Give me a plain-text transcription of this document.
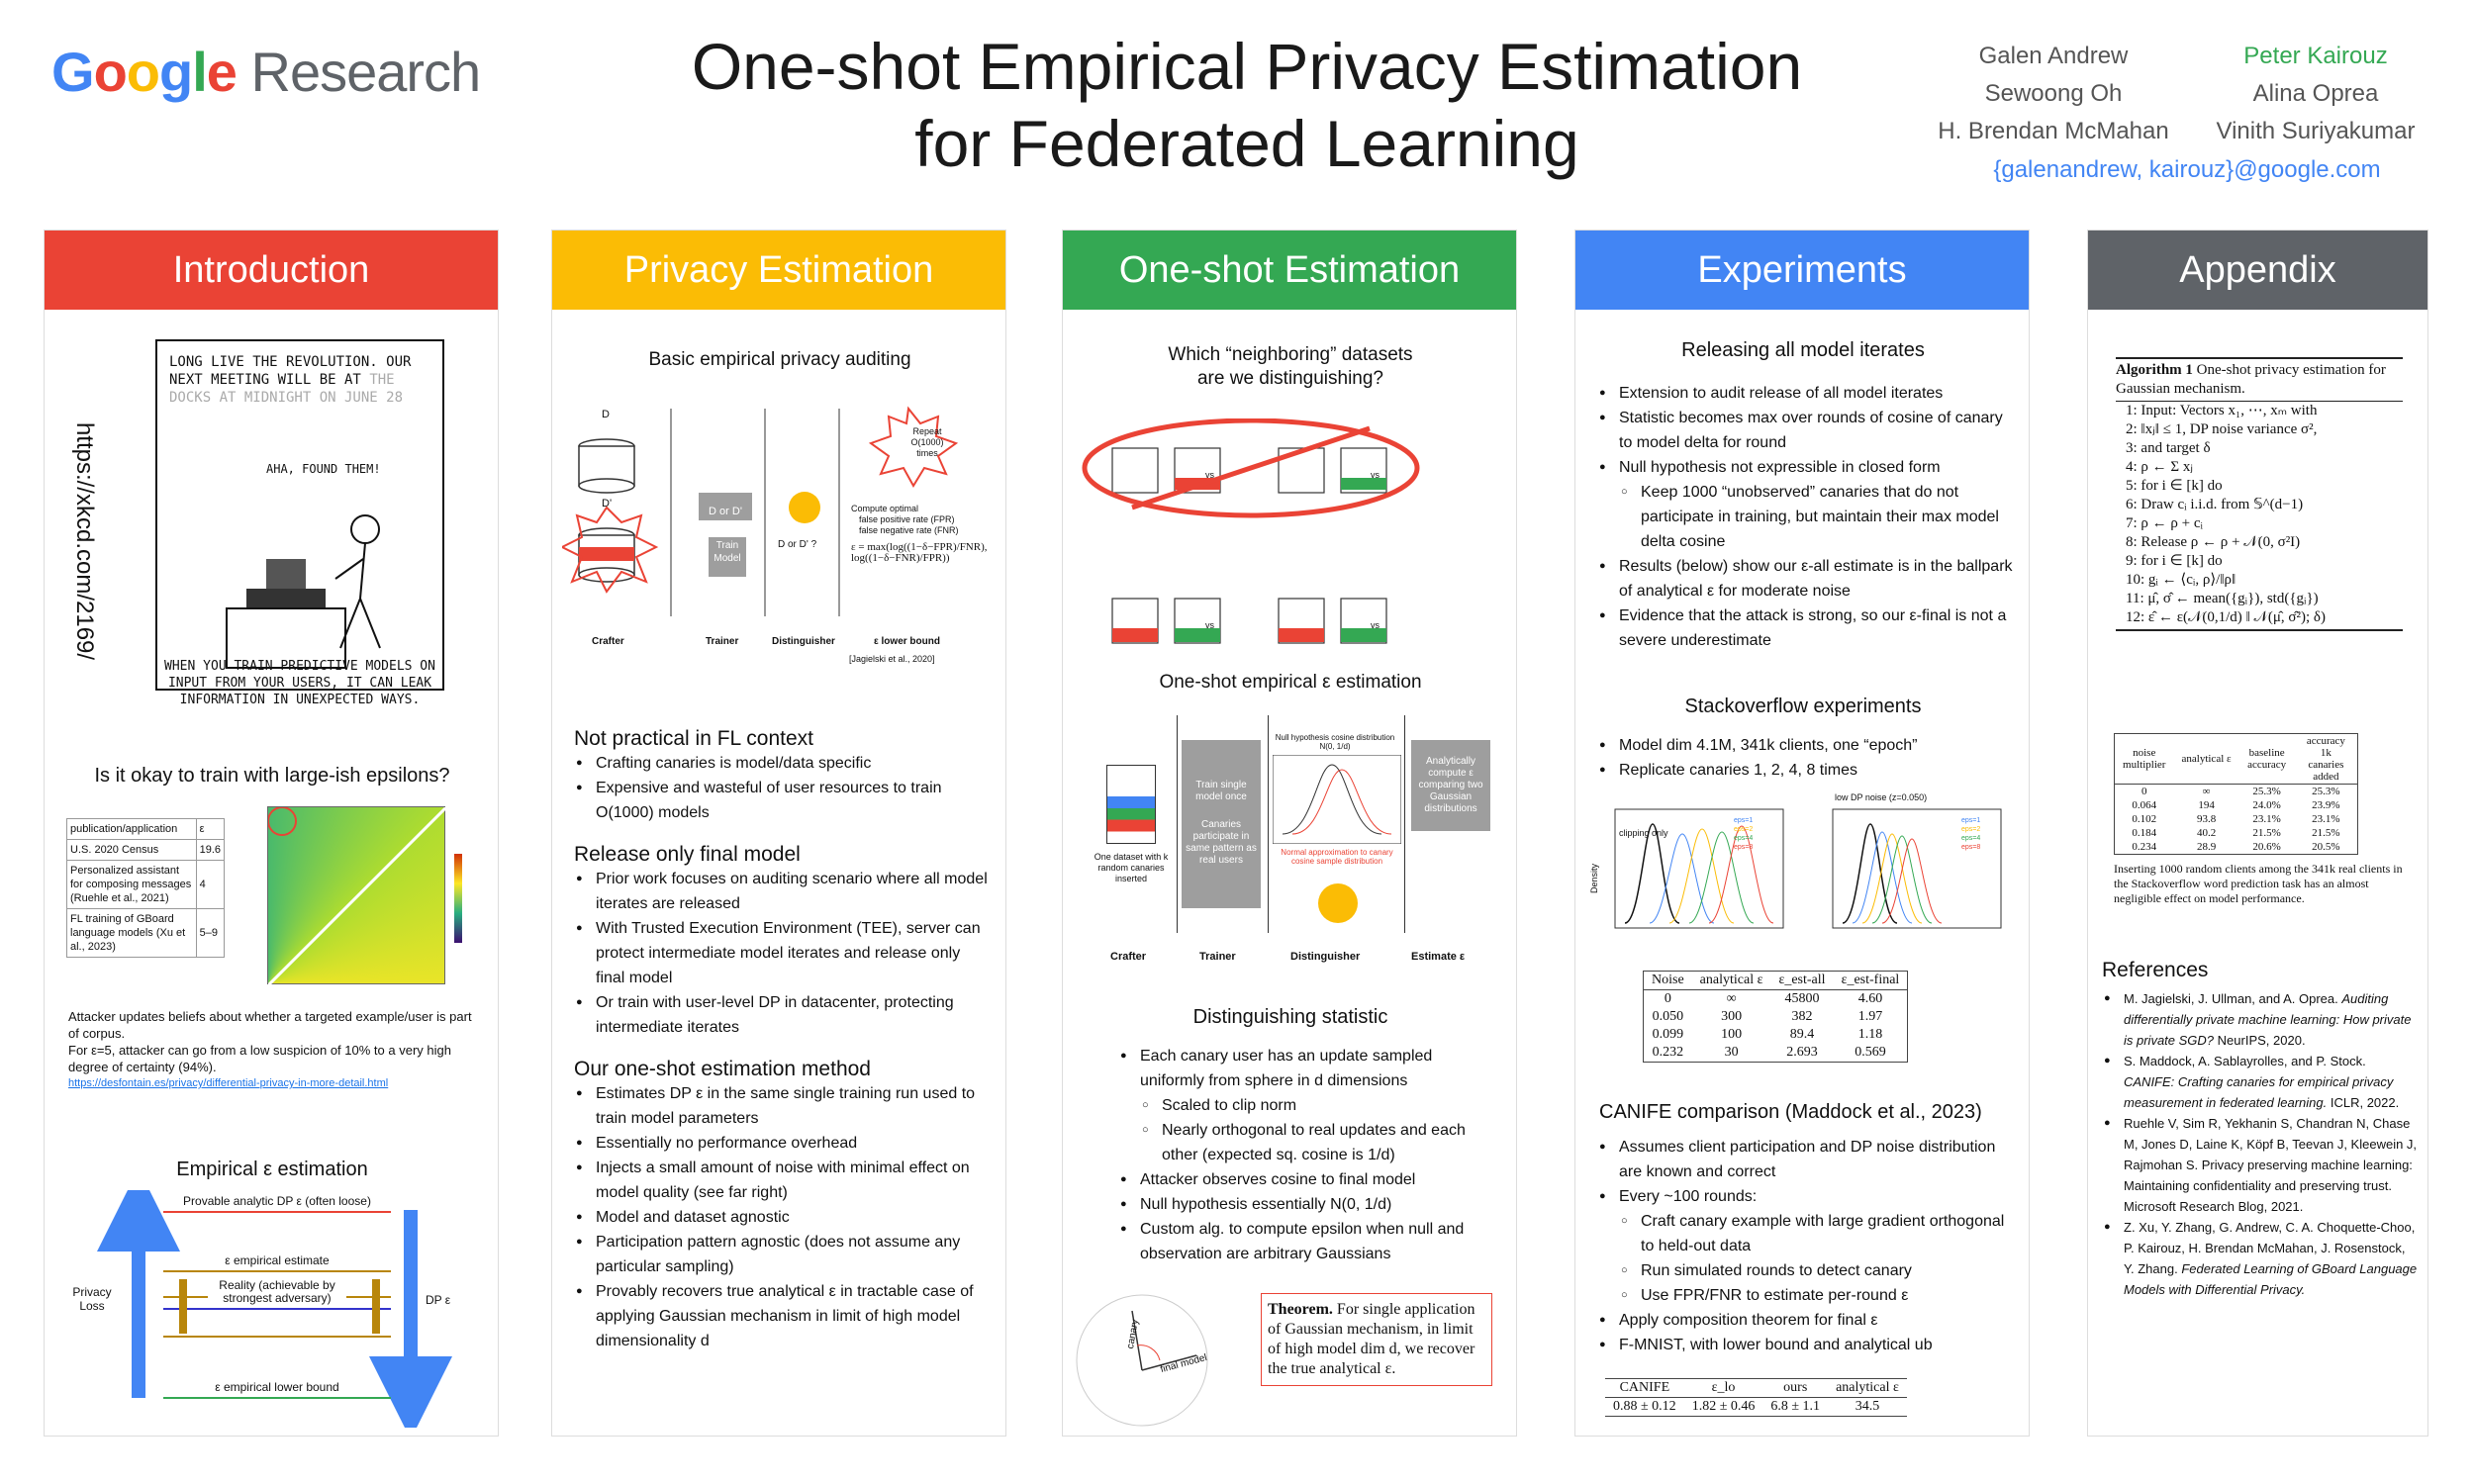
Google Research	One-shot Empirical Privacy Estimation
for Federated Learning
Galen Andrew
Sewoong Oh
H. Brendan McMahan
Peter Kairouz
Alina Oprea
Vinith Suriyakumar
{galenandrew, kairouz}@google.com
Introduction
https://xkcd.com/2169/
LONG LIVE THE REVOLUTION. OUR NEXT MEETING WILL BE AT THE DOCKS AT MIDNIGHT ON JUNE 28
AHA, FOUND THEM!
WHEN YOU TRAIN PREDICTIVE MODELS ON INPUT FROM YOUR USERS, IT CAN LEAK INFORMATION IN UNEXPECTED WAYS.
Is it okay to train with large-ish epsilons?
publication/application	ε
U.S. 2020 Census	19.6
Personalized assistant for composing messages (Ruehle et al., 2021)	4
FL training of GBoard language models (Xu et al., 2023)	5–9
Attacker updates beliefs about whether a targeted example/user is part of corpus.
For ε=5, attacker can go from a low suspicion of 10% to a very high degree of certainty (94%).
https://desfontain.es/privacy/differential-privacy-in-more-detail.html
Empirical ε estimation
Provable analytic DP ε (often loose)
ε empirical estimate
Reality (achievable by strongest adversary)
ε empirical lower bound
Privacy Loss	DP ε
Privacy Estimation
Basic empirical privacy auditing
D
D'
D or D'
Train Model
D or D' ?
Repeat O(1000) times
Compute optimal
false positive rate (FPR)
false negative rate (FNR)
ε = max(log((1−δ−FPR)/FNR), log((1−δ−FNR)/FPR))
Crafter	Trainer	Distinguisher	ε lower bound
[Jagielski et al., 2020]
Not practical in FL context
● Crafting canaries is model/data specific
● Expensive and wasteful of user resources to train O(1000) models
Release only final model
● Prior work focuses on auditing scenario where all model iterates are released
● With Trusted Execution Environment (TEE), server can protect intermediate model iterates and release only final model
● Or train with user-level DP in datacenter, protecting intermediate iterates
Our one-shot estimation method
● Estimates DP ε in the same single training run used to train model parameters
● Essentially no performance overhead
● Injects a small amount of noise with minimal effect on model quality (see far right)
● Model and dataset agnostic
● Participation pattern agnostic (does not assume any particular sampling)
● Provably recovers true analytical ε in tractable case of applying Gaussian mechanism in limit of high model dimensionality d
One-shot Estimation
Which “neighboring” datasets
are we distinguishing?
vs	vs
vs	vs
One-shot empirical ε estimation
One dataset with k random canaries inserted
Train single model once
Canaries participate in same pattern as real users
Null hypothesis cosine distribution N(0, 1/d)
Normal approximation to canary cosine sample distribution
Analytically compute ε comparing two Gaussian distributions
Crafter	Trainer	Distinguisher	Estimate ε
Distinguishing statistic
● Each canary user has an update sampled uniformly from sphere in d dimensions
○ Scaled to clip norm
○ Nearly orthogonal to real updates and each other (expected sq. cosine is 1/d)
● Attacker observes cosine to final model
● Null hypothesis essentially N(0, 1/d)
● Custom alg. to compute epsilon when null and observation are arbitrary Gaussians
canary
final model
Theorem. For single application of Gaussian mechanism, in limit of high model dim d, we recover the true analytical ε.
Experiments
Releasing all model iterates
● Extension to audit release of all model iterates
● Statistic becomes max over rounds of cosine of canary to model delta for round
● Null hypothesis not expressible in closed form
○ Keep 1000 “unobserved” canaries that do not participate in training, but maintain their max model delta cosine
● Results (below) show our ε-all estimate is in the ballpark of analytical ε for moderate noise
● Evidence that the attack is strong, so our ε-final is not a severe underestimate
Stackoverflow experiments
● Model dim 4.1M, 341k clients, one “epoch”
● Replicate canaries 1, 2, 4, 8 times
clipping only
Density
low DP noise (z=0.050)
eps=1
eps=2
eps=4
eps=8
eps=1
eps=2
eps=4
eps=8
Noise	analytical ε	ε_est-all	ε_est-final
0	∞	45800	4.60
0.050	300	382	1.97
0.099	100	89.4	1.18
0.232	30	2.693	0.569
CANIFE comparison (Maddock et al., 2023)
● Assumes client participation and DP noise distribution are known and correct
● Every ~100 rounds:
○ Craft canary example with large gradient orthogonal to held-out data
○ Run simulated rounds to detect canary
○ Use FPR/FNR to estimate per-round ε
● Apply composition theorem for final ε
● F-MNIST, with lower bound and analytical ub
CANIFE	ε_lo	ours	analytical ε
0.88 ± 0.12	1.82 ± 0.46	6.8 ± 1.1	34.5
Appendix
Algorithm 1 One-shot privacy estimation for Gaussian mechanism.
1: Input: Vectors x₁, ⋯, xₘ with
2: ‖xⱼ‖ ≤ 1, DP noise variance σ²,
3: and target δ
4: ρ ← Σ xⱼ
5: for i ∈ [k] do
6: Draw cᵢ i.i.d. from 𝕊^(d−1)
7: ρ ← ρ + cᵢ
8: Release ρ ← ρ + 𝒩(0, σ²I)
9: for i ∈ [k] do
10: gᵢ ← ⟨cᵢ, ρ⟩/‖ρ‖
11: μ̂, σ̂ ← mean({gᵢ}), std({gᵢ})
12: ε̂ ← ε(𝒩(0,1/d) ‖ 𝒩(μ̂, σ̂²); δ)
noise multiplier	analytical ε	baseline accuracy	accuracy 1k canaries added
0	∞	25.3%	25.3%
0.064	194	24.0%	23.9%
0.102	93.8	23.1%	23.1%
0.184	40.2	21.5%	21.5%
0.234	28.9	20.6%	20.5%
Inserting 1000 random clients among the 341k real clients in the Stackoverflow word prediction task has an almost negligible effect on model performance.
References
● M. Jagielski, J. Ullman, and A. Oprea. Auditing differentially private machine learning: How private is private SGD? NeurIPS, 2020.
● S. Maddock, A. Sablayrolles, and P. Stock. CANIFE: Crafting canaries for empirical privacy measurement in federated learning. ICLR, 2022.
● Ruehle V, Sim R, Yekhanin S, Chandran N, Chase M, Jones D, Laine K, Köpf B, Teevan J, Kleewein J, Rajmohan S. Privacy preserving machine learning: Maintaining confidentiality and preserving trust. Microsoft Research Blog, 2021.
● Z. Xu, Y. Zhang, G. Andrew, C. A. Choquette-Choo, P. Kairouz, H. Brendan McMahan, J. Rosenstock, Y. Zhang. Federated Learning of GBoard Language Models with Differential Privacy.
